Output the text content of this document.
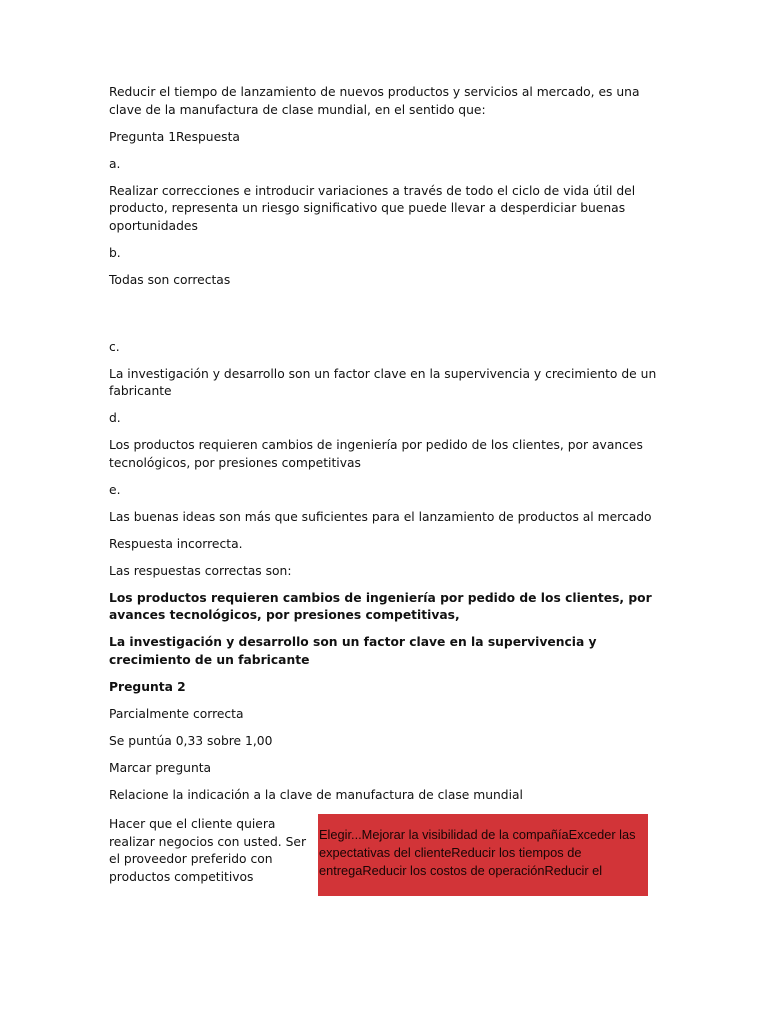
Reducir el tiempo de lanzamiento de nuevos productos y servicios al mercado, es una clave de la manufactura de clase mundial, en el sentido que:

Pregunta 1Respuesta

a.

Realizar correcciones e introducir variaciones a través de todo el ciclo de vida útil del producto, representa un riesgo significativo que puede llevar a desperdiciar buenas oportunidades

b.

Todas son correctas

c.

La investigación y desarrollo son un factor clave en la supervivencia y crecimiento de un fabricante

d.

Los productos requieren cambios de ingeniería por pedido de los clientes, por avances tecnológicos, por presiones competitivas

e.

Las buenas ideas son más que suficientes para el lanzamiento de productos al mercado

Respuesta incorrecta.

Las respuestas correctas son:

Los productos requieren cambios de ingeniería por pedido de los clientes, por avances tecnológicos, por presiones competitivas,

La investigación y desarrollo son un factor clave en la supervivencia y crecimiento de un fabricante

Pregunta 2

Parcialmente correcta

Se puntúa 0,33 sobre 1,00

Marcar pregunta

Relacione la indicación a la clave de manufactura de clase mundial

Hacer que el cliente quiera realizar negocios con usted. Ser el proveedor preferido con productos competitivos
Elegir...Mejorar la visibilidad de la compañíaExceder las expectativas del clienteReducir los tiempos de entregaReducir los costos de operaciónReducir el
